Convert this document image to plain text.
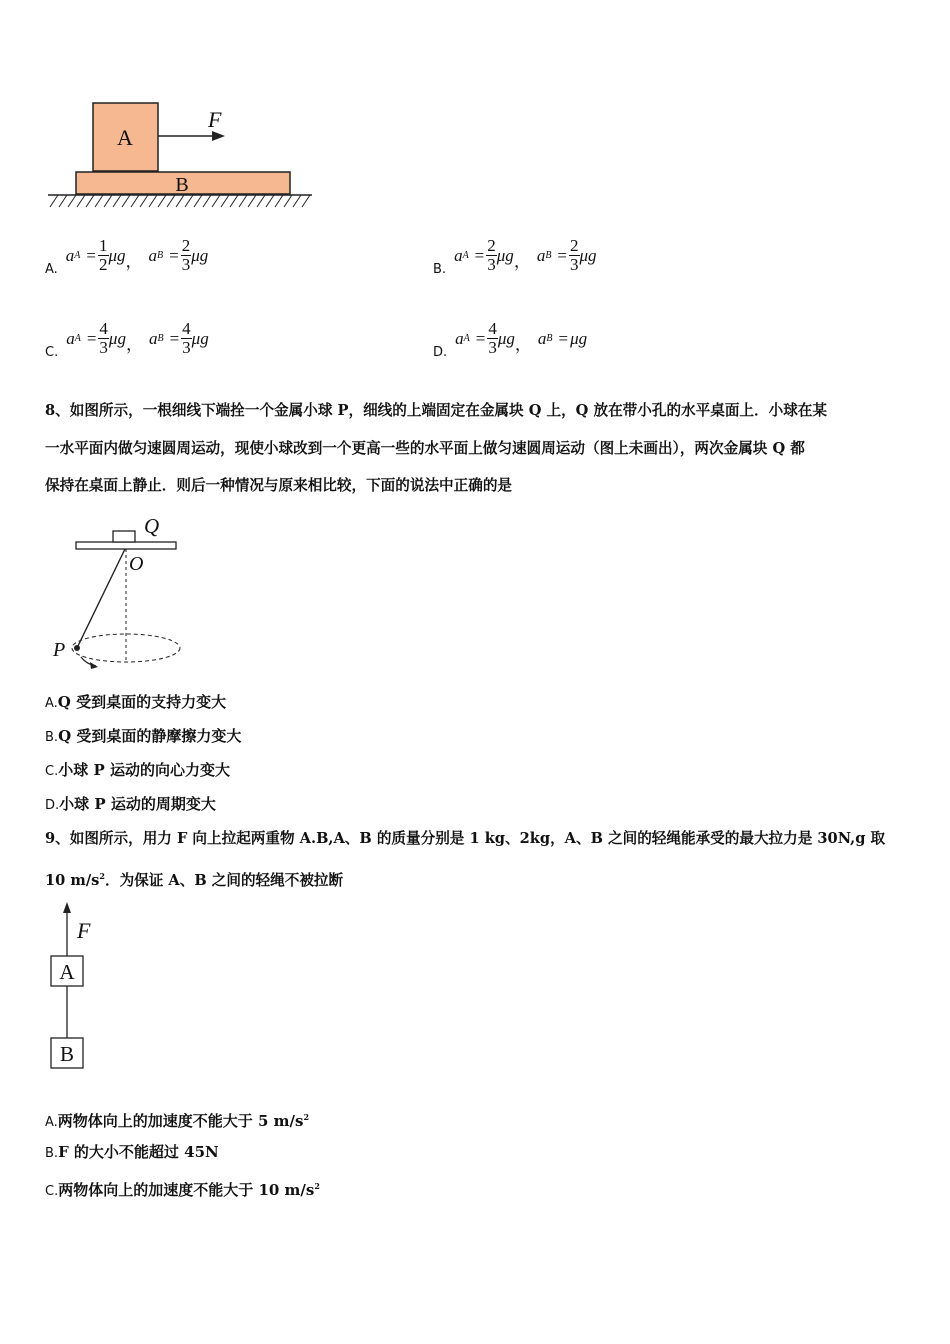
A
B
F
A.
a $A = \frac{1}{2}$ μg ， a $B = \frac{2}{3}$ μg
B.
a $A = \frac{2}{3}$ μg ， a $B = \frac{2}{3}$ μg
C.
a $A = \frac{4}{3}$ μg ， a $B = \frac{4}{3}$ μg
D.
a $A = \frac{4}{3}$ μg ， a B = μg
8、如图所示，一根细线下端拴一个金属小球 P，细线的上端固定在金属块 Q 上，Q 放在带小孔的水平桌面上．小球在某
一水平面内做匀速圆周运动，现使小球改到一个更高一些的水平面上做匀速圆周运动（图上未画出），两次金属块 Q 都
保持在桌面上静止．则后一种情况与原来相比较，下面的说法中正确的是
Q
O
P
A.Q 受到桌面的支持力变大
B.Q 受到桌面的静摩擦力变大
C.小球 P 运动的向心力变大
D.小球 P 运动的周期变大
9、如图所示，用力 F 向上拉起两重物 A.B,A、B 的质量分别是 1 kg、2kg，A、B 之间的轻绳能承受的最大拉力是 30N,g 取
10 $m/s^2$．为保证 A、B 之间的轻绳不被拉断
F
A
B
A.两物体向上的加速度不能大于 5 $m/s^2$
B.F 的大小不能超过 45N
C.两物体向上的加速度不能大于 10 $m/s^2$
